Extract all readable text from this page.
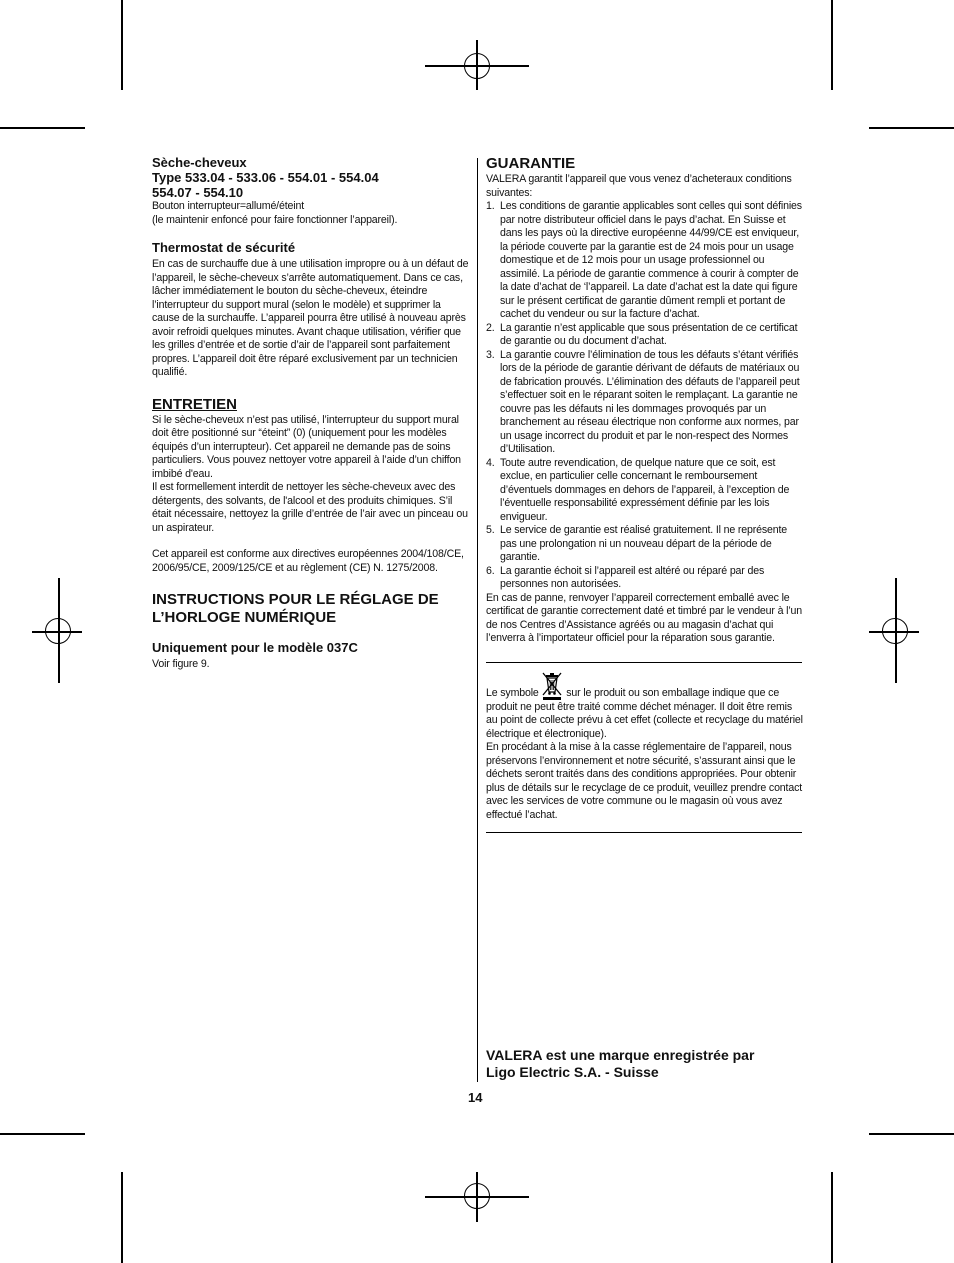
Sèche-cheveux
Type 533.04 - 533.06 - 554.01 - 554.04
554.07 - 554.10
Bouton interrupteur=allumé/éteint
(le maintenir enfoncé pour faire fonctionner l’appareil).
Thermostat de sécurité

En cas de surchauffe due à une utilisation impropre ou à un défaut de l’appareil, le sèche-cheveux s’arrête automatiquement. Dans ce cas, lâcher immédiatement le bouton du sèche-cheveux, éteindre l’interrupteur du support mural (selon le modèle) et supprimer la cause de la surchauffe. L’appareil pourra être utilisé à nouveau après avoir refroidi quelques minutes. Avant chaque utilisation, vérifier que les grilles d’entrée et de sortie d’air de l’appareil sont parfaitement propres. L’appareil doit être réparé exclusivement par un technicien qualifié.

ENTRETIEN

Si le sèche-cheveux n’est pas utilisé, l’interrupteur du support mural doit être positionné sur “éteint” (0) (uniquement pour les modèles équipés d’un interrupteur). Cet appareil ne demande pas de soins particuliers. Vous pouvez nettoyer votre appareil à l’aide d’un chiffon imbibé d'eau.

Il est formellement interdit de nettoyer les sèche-cheveux avec des détergents, des solvants, de l'alcool et des produits chimiques. S’il était nécessaire, nettoyez la grille d’entrée de l’air avec un pinceau ou un aspirateur.

Cet appareil est conforme aux directives européennes 2004/108/CE, 2006/95/CE, 2009/125/CE et au règlement (CE) N. 1275/2008.

INSTRUCTIONS POUR LE RÉGLAGE DE
L’HORLOGE NUMÉRIQUE
Uniquement pour le modèle 037C

Voir figure 9.

GUARANTIE

VALERA garantit l’appareil que vous venez d’acheteraux conditions suivantes:

1. Les conditions de garantie applicables sont celles qui sont définies par notre distributeur officiel dans le pays d’achat. En Suisse et dans les pays où la directive européenne 44/99/CE est enviqueur, la période couverte par la garantie est de 24 mois pour un usage domestique et de 12 mois pour un usage professionnel ou assimilé. La période de garantie commence à courir à compter de la date d’achat de ‘l’appareil. La date d’achat est la date qui figure sur le présent certificat de garantie dûment rempli et portant de cachet du vendeur ou sur la facture d’achat.
2. La garantie n’est applicable que sous présentation de ce certificat de garantie ou du document d’achat.
3. La garantie couvre l’élimination de tous les défauts s’étant vérifiés lors de la période de garantie dérivant de défauts de matériaux ou de fabrication prouvés. L’élimination des défauts de l’appareil peut s’effectuer soit en le réparant soiten le remplaçant. La garantie ne couvre pas les défauts ni les dommages provoqués par un branchement au réseau électrique non conforme aux normes, par un usage incorrect du produit et par le non-respect des Normes d’Utilisation.
4. Toute autre revendication, de quelque nature que ce soit, est exclue, en particulier celle concernant le remboursement d’éventuels dommages en dehors de l’appareil, à l’exception de l’éventuelle responsabilité expressément définie par les lois envigueur.
5. Le service de garantie est réalisé gratuitement. Il ne représente pas une prolongation ni un nouveau départ de la période de garantie.
6. La garantie échoit si l’appareil est altéré ou réparé par des personnes non autorisées.

En cas de panne, renvoyer l’appareil correctement emballé avec le certificat de garantie correctement daté et timbré par le vendeur à l’un de nos Centres d’Assistance agréés ou au magasin d’achat qui l’enverra à l’importateur officiel pour la réparation sous garantie.

Le symbole	sur le produit ou son emballage indique que ce produit ne peut être traité comme déchet ménager. Il doit être remis au point de collecte prévu à cet effet (collecte et recyclage du matériel électrique et électronique).

En procédant à la mise à la casse réglementaire de l’appareil, nous préservons l’environnement et notre sécurité, s’assurant ainsi que le déchets seront traités dans des conditions appropriées. Pour obtenir plus de détails sur le recyclage de ce produit, veuillez prendre contact avec les services de votre commune ou le magasin où vous avez effectué l’achat.

VALERA est une marque enregistrée par
Ligo Electric S.A. - Suisse
14
